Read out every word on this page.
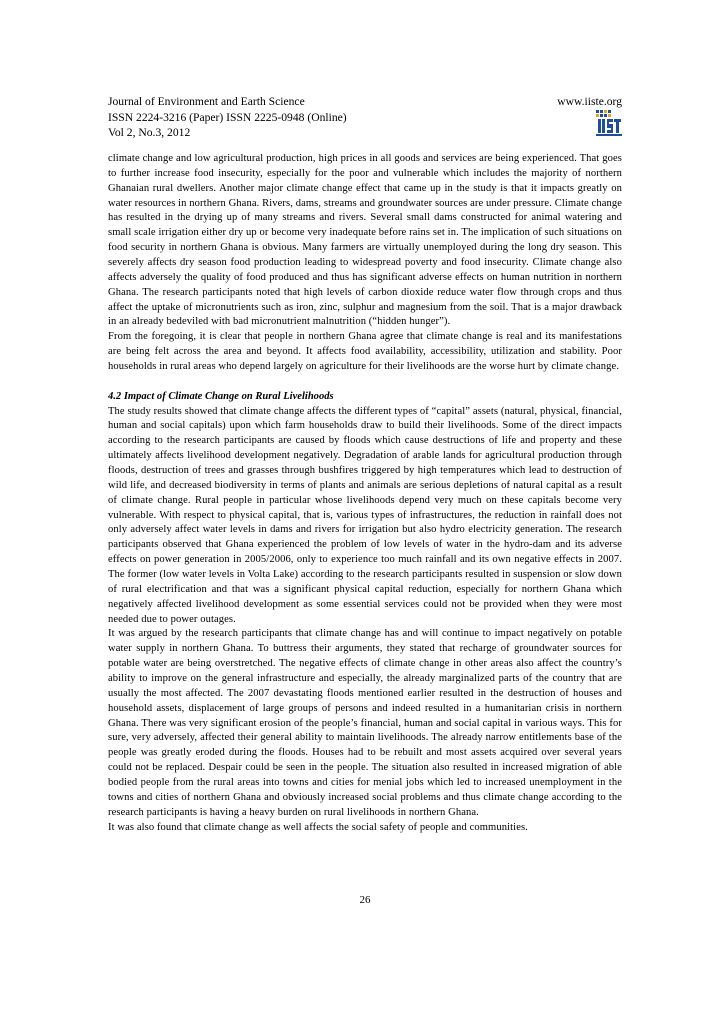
Journal of Environment and Earth Science
ISSN 2224-3216 (Paper) ISSN 2225-0948 (Online)
Vol 2, No.3, 2012
www.iiste.org

climate change and low agricultural production, high prices in all goods and services are being experienced. That goes to further increase food insecurity, especially for the poor and vulnerable which includes the majority of northern Ghanaian rural dwellers. Another major climate change effect that came up in the study is that it impacts greatly on water resources in northern Ghana. Rivers, dams, streams and groundwater sources are under pressure. Climate change has resulted in the drying up of many streams and rivers. Several small dams constructed for animal watering and small scale irrigation either dry up or become very inadequate before rains set in. The implication of such situations on food security in northern Ghana is obvious. Many farmers are virtually unemployed during the long dry season. This severely affects dry season food production leading to widespread poverty and food insecurity. Climate change also affects adversely the quality of food produced and thus has significant adverse effects on human nutrition in northern Ghana. The research participants noted that high levels of carbon dioxide reduce water flow through crops and thus affect the uptake of micronutrients such as iron, zinc, sulphur and magnesium from the soil. That is a major drawback in an already bedeviled with bad micronutrient malnutrition (“hidden hunger”).

From the foregoing, it is clear that people in northern Ghana agree that climate change is real and its manifestations are being felt across the area and beyond. It affects food availability, accessibility, utilization and stability. Poor households in rural areas who depend largely on agriculture for their livelihoods are the worse hurt by climate change.

4.2 Impact of Climate Change on Rural Livelihoods

The study results showed that climate change affects the different types of “capital” assets (natural, physical, financial, human and social capitals) upon which farm households draw to build their livelihoods. Some of the direct impacts according to the research participants are caused by floods which cause destructions of life and property and these ultimately affects livelihood development negatively. Degradation of arable lands for agricultural production through floods, destruction of trees and grasses through bushfires triggered by high temperatures which lead to destruction of wild life, and decreased biodiversity in terms of plants and animals are serious depletions of natural capital as a result of climate change. Rural people in particular whose livelihoods depend very much on these capitals become very vulnerable. With respect to physical capital, that is, various types of infrastructures, the reduction in rainfall does not only adversely affect water levels in dams and rivers for irrigation but also hydro electricity generation. The research participants observed that Ghana experienced the problem of low levels of water in the hydro-dam and its adverse effects on power generation in 2005/2006, only to experience too much rainfall and its own negative effects in 2007. The former (low water levels in Volta Lake) according to the research participants resulted in suspension or slow down of rural electrification and that was a significant physical capital reduction, especially for northern Ghana which negatively affected livelihood development as some essential services could not be provided when they were most needed due to power outages.

It was argued by the research participants that climate change has and will continue to impact negatively on potable water supply in northern Ghana. To buttress their arguments, they stated that recharge of groundwater sources for potable water are being overstretched. The negative effects of climate change in other areas also affect the country’s ability to improve on the general infrastructure and especially, the already marginalized parts of the country that are usually the most affected. The 2007 devastating floods mentioned earlier resulted in the destruction of houses and household assets, displacement of large groups of persons and indeed resulted in a humanitarian crisis in northern Ghana. There was very significant erosion of the people’s financial, human and social capital in various ways. This for sure, very adversely, affected their general ability to maintain livelihoods. The already narrow entitlements base of the people was greatly eroded during the floods. Houses had to be rebuilt and most assets acquired over several years could not be replaced. Despair could be seen in the people. The situation also resulted in increased migration of able bodied people from the rural areas into towns and cities for menial jobs which led to increased unemployment in the towns and cities of northern Ghana and obviously increased social problems and thus climate change according to the research participants is having a heavy burden on rural livelihoods in northern Ghana.

It was also found that climate change as well affects the social safety of people and communities.

26
